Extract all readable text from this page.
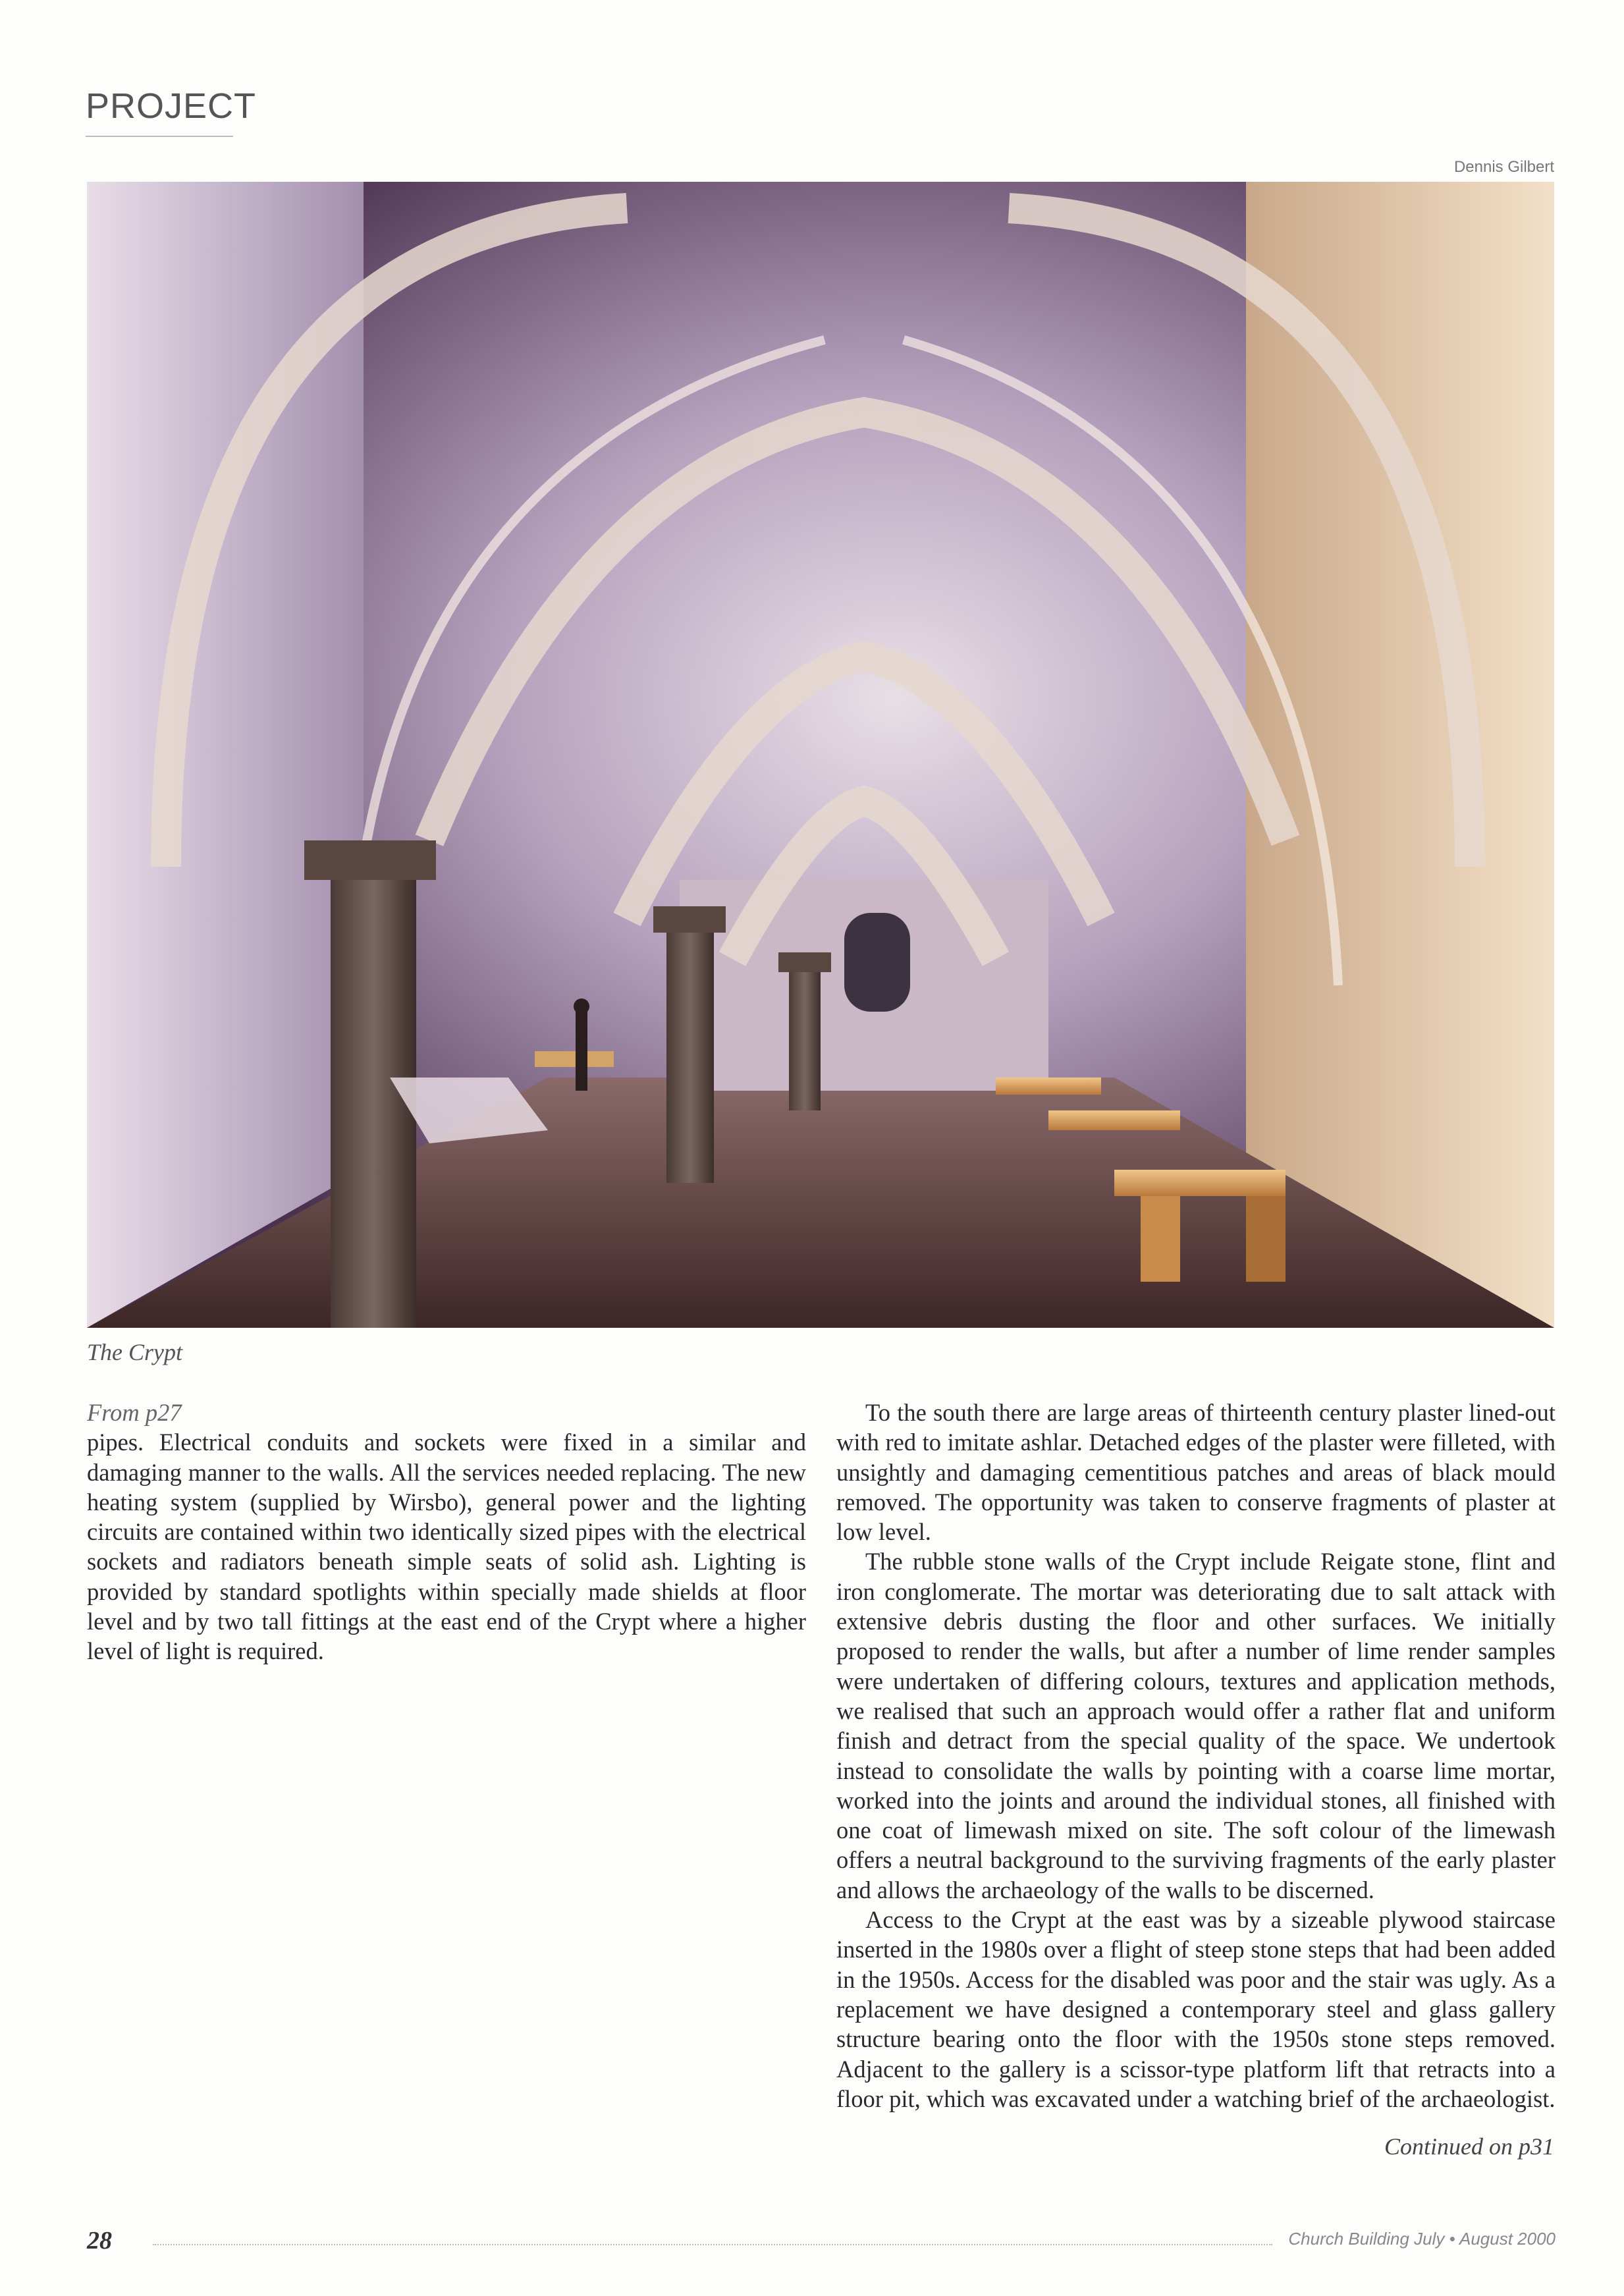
PROJECT
Dennis Gilbert
The Crypt
From p27

pipes. Electrical conduits and sockets were fixed in a similar and damaging manner to the walls. All the services needed replacing. The new heating system (supplied by Wirsbo), general power and the lighting circuits are contained within two identically sized pipes with the electrical sockets and radiators beneath simple seats of solid ash. Lighting is provided by standard spotlights within specially made shields at floor level and by two tall fittings at the east end of the Crypt where a higher level of light is required.

To the south there are large areas of thirteenth century plaster lined-out with red to imitate ashlar. Detached edges of the plaster were filleted, with unsightly and damaging cementitious patches and areas of black mould removed. The opportunity was taken to conserve fragments of plaster at low level.

The rubble stone walls of the Crypt include Reigate stone, flint and iron conglomerate. The mortar was deteriorating due to salt attack with extensive debris dusting the floor and other surfaces. We initially proposed to render the walls, but after a number of lime render samples were undertaken of differing colours, textures and application methods, we realised that such an approach would offer a rather flat and uniform finish and detract from the special quality of the space. We undertook instead to consolidate the walls by pointing with a coarse lime mortar, worked into the joints and around the individual stones, all finished with one coat of limewash mixed on site. The soft colour of the limewash offers a neutral background to the surviving fragments of the early plaster and allows the archaeology of the walls to be discerned.

Access to the Crypt at the east was by a sizeable plywood staircase inserted in the 1980s over a flight of steep stone steps that had been added in the 1950s. Access for the disabled was poor and the stair was ugly. As a replacement we have designed a contemporary steel and glass gallery structure bearing onto the floor with the 1950s stone steps removed. Adjacent to the gallery is a scissor-type platform lift that retracts into a floor pit, which was excavated under a watching brief of the archaeologist.

Continued on p31
28	Church Building July • August 2000
